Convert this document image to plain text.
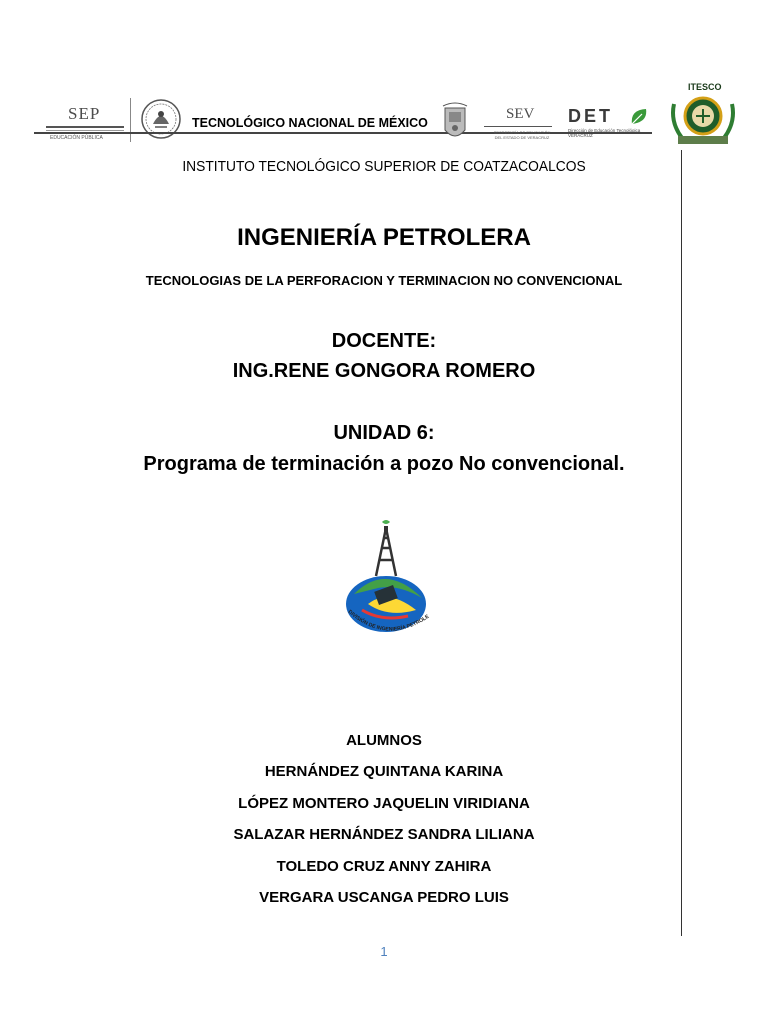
SEP
EDUCACIÓN PÚBLICA
TECNOLÓGICO NACIONAL DE MÉXICO
SEV
SECRETARÍA DE EDUCACIÓN DEL ESTADO DE VERACRUZ
DET
Dirección de Educación Tecnológica VERACRUZ
ITESCO
INSTITUTO TECNOLÓGICO SUPERIOR DE COATZACOALCOS
INGENIERÍA PETROLERA
TECNOLOGIAS DE LA PERFORACION Y TERMINACION NO CONVENCIONAL
DOCENTE:
ING.RENE GONGORA ROMERO
UNIDAD 6:
Programa de terminación a pozo No convencional.
DIVISIÓN DE INGENIERÍA PETROLE
ALUMNOS
HERNÁNDEZ QUINTANA KARINA
LÓPEZ MONTERO JAQUELIN VIRIDIANA
SALAZAR HERNÁNDEZ SANDRA LILIANA
TOLEDO CRUZ ANNY ZAHIRA
VERGARA USCANGA PEDRO LUIS
1
